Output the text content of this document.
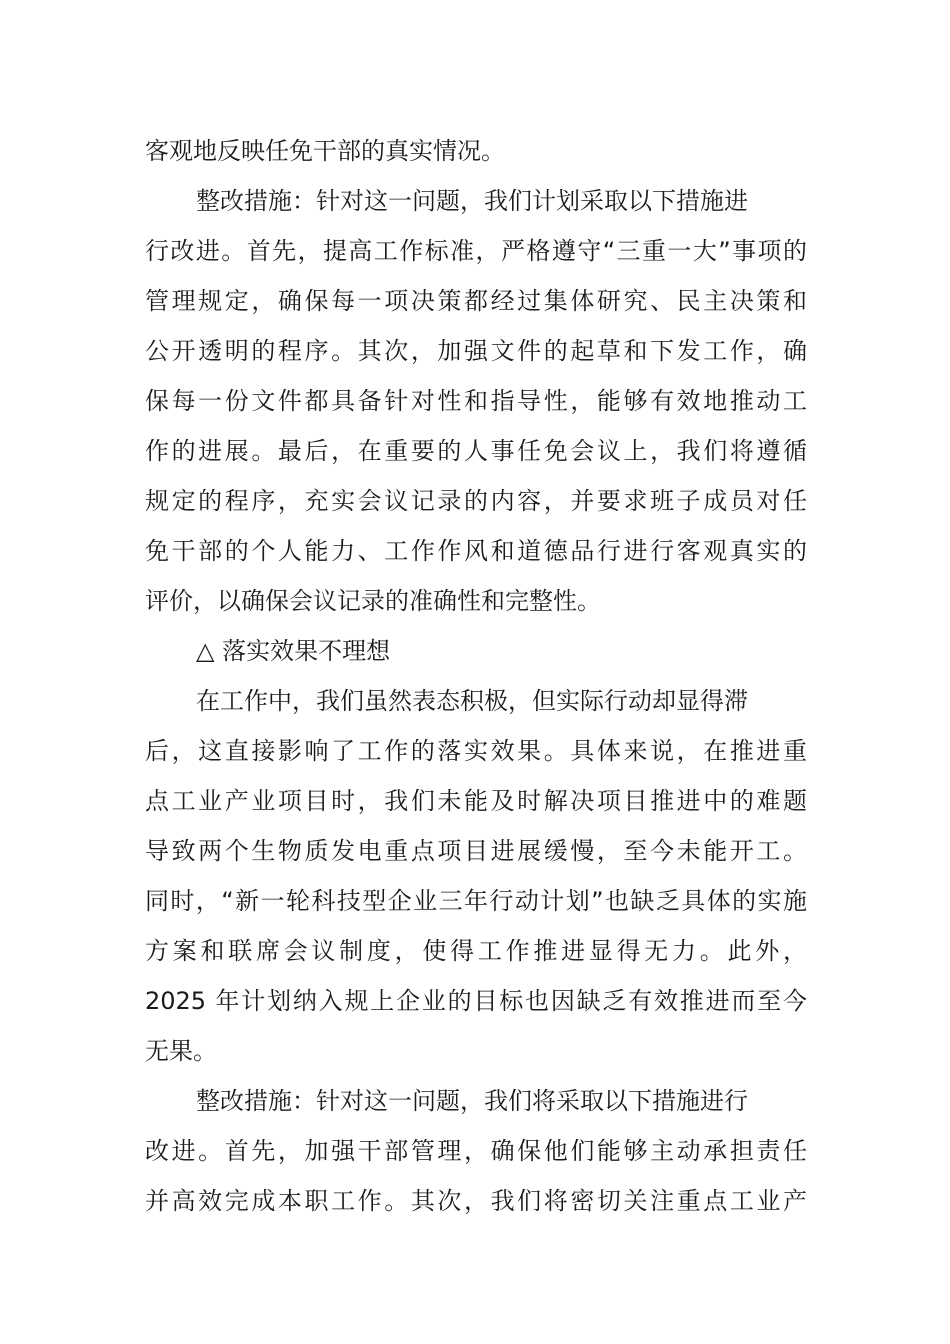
客观地反映任免干部的真实情况。
整改措施：针对这一问题，我们计划采取以下措施进
行改进。首先，提高工作标准，严格遵守“三重一大”事项的
管理规定，确保每一项决策都经过集体研究、民主决策和
公开透明的程序。其次，加强文件的起草和下发工作，确
保每一份文件都具备针对性和指导性，能够有效地推动工
作的进展。最后，在重要的人事任免会议上，我们将遵循
规定的程序，充实会议记录的内容，并要求班子成员对任
免干部的个人能力、工作作风和道德品行进行客观真实的
评价，以确保会议记录的准确性和完整性。
△ 落实效果不理想
在工作中，我们虽然表态积极，但实际行动却显得滞
后，这直接影响了工作的落实效果。具体来说，在推进重
点工业产业项目时，我们未能及时解决项目推进中的难题
导致两个生物质发电重点项目进展缓慢，至今未能开工。
同时，“新一轮科技型企业三年行动计划”也缺乏具体的实施
方案和联席会议制度，使得工作推进显得无力。此外，
2025 年计划纳入规上企业的目标也因缺乏有效推进而至今
无果。
整改措施：针对这一问题，我们将采取以下措施进行
改进。首先，加强干部管理，确保他们能够主动承担责任
并高效完成本职工作。其次，我们将密切关注重点工业产
